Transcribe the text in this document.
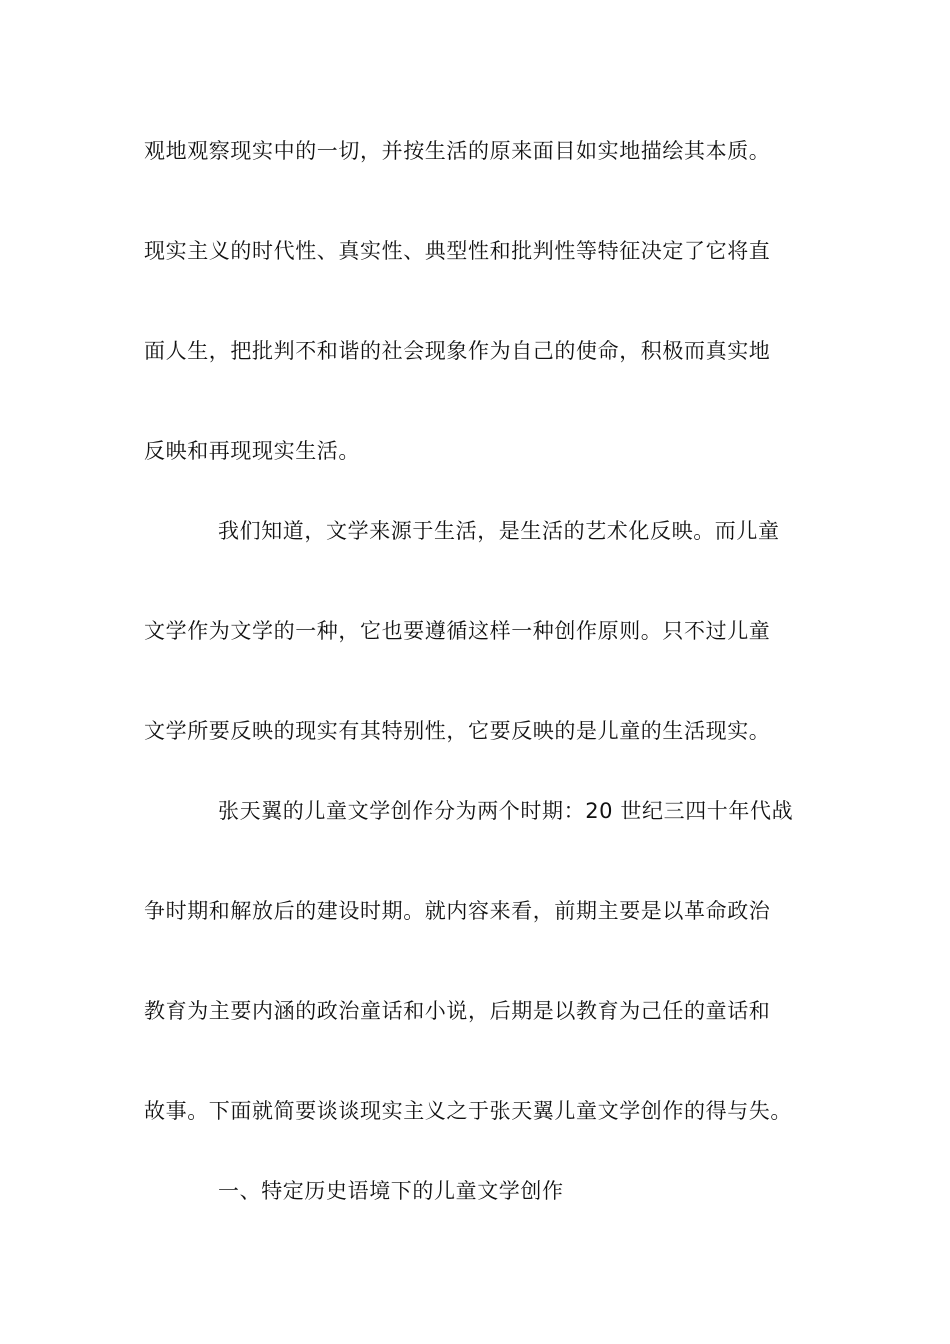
观地观察现实中的一切，并按生活的原来面目如实地描绘其本质。
现实主义的时代性、真实性、典型性和批判性等特征决定了它将直
面人生，把批判不和谐的社会现象作为自己的使命，积极而真实地
反映和再现现实生活。
我们知道，文学来源于生活，是生活的艺术化反映。而儿童
文学作为文学的一种，它也要遵循这样一种创作原则。只不过儿童
文学所要反映的现实有其特别性，它要反映的是儿童的生活现实。
张天翼的儿童文学创作分为两个时期：20 世纪三四十年代战
争时期和解放后的建设时期。就内容来看，前期主要是以革命政治
教育为主要内涵的政治童话和小说，后期是以教育为己任的童话和
故事。下面就简要谈谈现实主义之于张天翼儿童文学创作的得与失。
一、特定历史语境下的儿童文学创作
